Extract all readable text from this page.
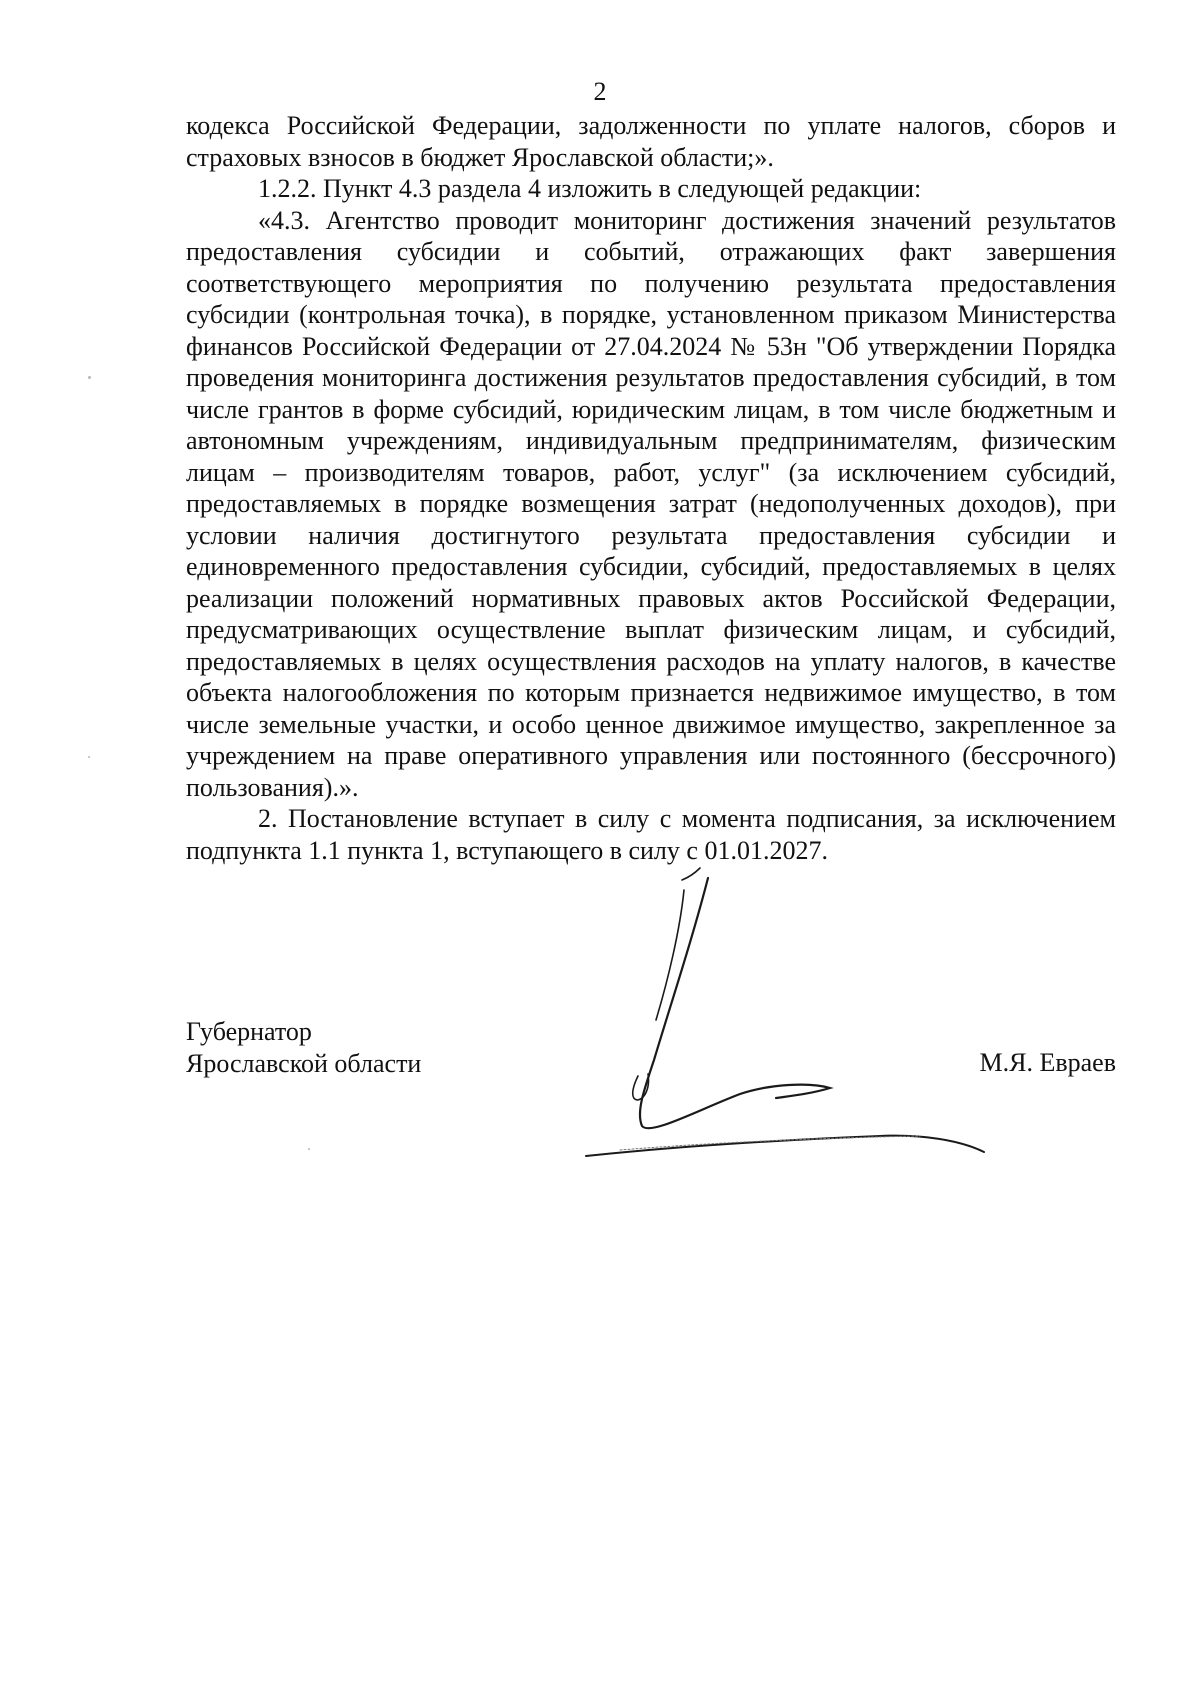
2

кодекса Российской Федерации, задолженности по уплате налогов, сборов и страховых взносов в бюджет Ярославской области;».

1.2.2. Пункт 4.3 раздела 4 изложить в следующей редакции:

«4.3. Агентство проводит мониторинг достижения значений результатов предоставления субсидии и событий, отражающих факт завершения соответствующего мероприятия по получению результата предоставления субсидии (контрольная точка), в порядке, установленном приказом Министерства финансов Российской Федерации от 27.04.2024 № 53н "Об утверждении Порядка проведения мониторинга достижения результатов предоставления субсидий, в том числе грантов в форме субсидий, юридическим лицам, в том числе бюджетным и автономным учреждениям, индивидуальным предпринимателям, физическим лицам – производителям товаров, работ, услуг" (за исключением субсидий, предоставляемых в порядке возмещения затрат (недополученных доходов), при условии наличия достигнутого результата предоставления субсидии и единовременного предоставления субсидии, субсидий, предоставляемых в целях реализации положений нормативных правовых актов Российской Федерации, предусматривающих осуществление выплат физическим лицам, и субсидий, предоставляемых в целях осуществления расходов на уплату налогов, в качестве объекта налогообложения по которым признается недвижимое имущество, в том числе земельные участки, и особо ценное движимое имущество, закрепленное за учреждением на праве оперативного управления или постоянного (бессрочного) пользования).».

2. Постановление вступает в силу с момента подписания, за исключением подпункта 1.1 пункта 1, вступающего в силу с 01.01.2027.

Губернатор
Ярославской области	М.Я. Евраев
